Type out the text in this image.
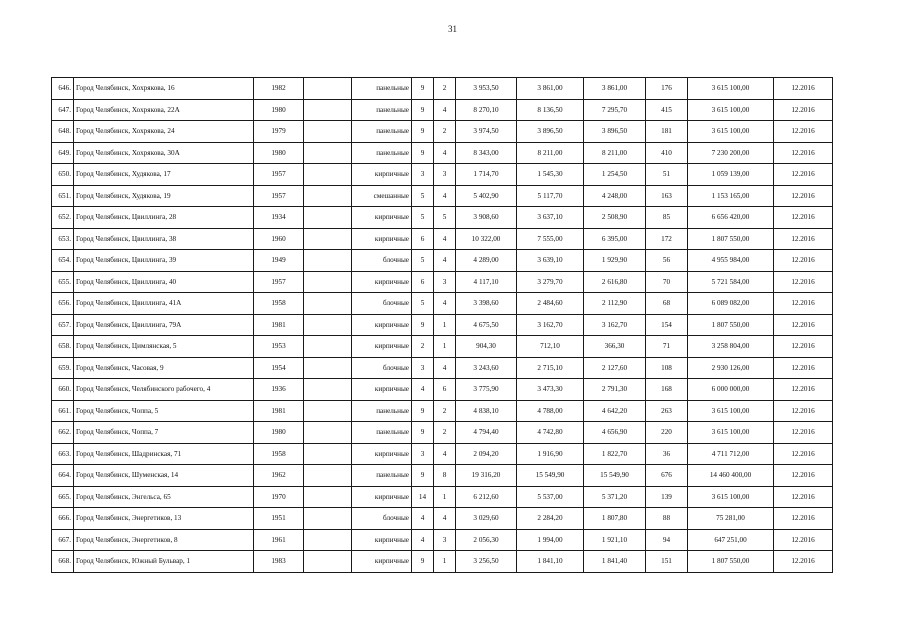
31
646.	Город Челябинск, Хохрякова, 16	1982		панельные	9	2	3 953,50	3 861,00	3 861,00	176	3 615 100,00	12.2016
647.	Город Челябинск, Хохрякова, 22А	1980		панельные	9	4	8 270,10	8 136,50	7 295,70	415	3 615 100,00	12.2016
648.	Город Челябинск, Хохрякова, 24	1979		панельные	9	2	3 974,50	3 896,50	3 896,50	181	3 615 100,00	12.2016
649.	Город Челябинск, Хохрякова, 30А	1980		панельные	9	4	8 343,00	8 211,00	8 211,00	410	7 230 200,00	12.2016
650.	Город Челябинск, Худякова, 17	1957		кирпичные	3	3	1 714,70	1 545,30	1 254,50	51	1 059 139,00	12.2016
651.	Город Челябинск, Худякова, 19	1957		смешанные	5	4	5 402,90	5 117,70	4 248,00	163	1 153 165,00	12.2016
652.	Город Челябинск, Цвиллинга, 28	1934		кирпичные	5	5	3 908,60	3 637,10	2 508,90	85	6 656 420,00	12.2016
653.	Город Челябинск, Цвиллинга, 38	1960		кирпичные	6	4	10 322,00	7 555,00	6 395,00	172	1 807 550,00	12.2016
654.	Город Челябинск, Цвиллинга, 39	1949		блочные	5	4	4 289,00	3 639,10	1 929,90	56	4 955 984,00	12.2016
655.	Город Челябинск, Цвиллинга, 40	1957		кирпичные	6	3	4 117,10	3 279,70	2 616,80	70	5 721 584,00	12.2016
656.	Город Челябинск, Цвиллинга, 41А	1958		блочные	5	4	3 398,60	2 484,60	2 112,90	68	6 089 082,00	12.2016
657.	Город Челябинск, Цвиллинга, 79А	1981		кирпичные	9	1	4 675,50	3 162,70	3 162,70	154	1 807 550,00	12.2016
658.	Город Челябинск, Цимлянская, 5	1953		кирпичные	2	1	904,30	712,10	366,30	71	3 258 804,00	12.2016
659.	Город Челябинск, Часовая, 9	1954		блочные	3	4	3 243,60	2 715,10	2 127,60	108	2 930 126,00	12.2016
660.	Город Челябинск, Челябинского рабочего, 4	1936		кирпичные	4	6	3 775,90	3 473,30	2 791,30	168	6 000 000,00	12.2016
661.	Город Челябинск, Чоппа, 5	1981		панельные	9	2	4 838,10	4 788,00	4 642,20	263	3 615 100,00	12.2016
662.	Город Челябинск, Чоппа, 7	1980		панельные	9	2	4 794,40	4 742,80	4 656,90	220	3 615 100,00	12.2016
663.	Город Челябинск, Шадринская, 71	1958		кирпичные	3	4	2 094,20	1 916,90	1 822,70	36	4 711 712,00	12.2016
664.	Город Челябинск, Шуменская, 14	1962		панельные	9	8	19 316,20	15 549,90	15 549,90	676	14 460 400,00	12.2016
665.	Город Челябинск, Энгельса, 65	1970		кирпичные	14	1	6 212,60	5 537,00	5 371,20	139	3 615 100,00	12.2016
666.	Город Челябинск, Энергетиков, 13	1951		блочные	4	4	3 029,60	2 284,20	1 807,80	88	75 281,00	12.2016
667.	Город Челябинск, Энергетиков, 8	1961		кирпичные	4	3	2 056,30	1 994,00	1 921,10	94	647 251,00	12.2016
668.	Город Челябинск, Южный Бульвар, 1	1983		кирпичные	9	1	3 256,50	1 841,10	1 841,40	151	1 807 550,00	12.2016
